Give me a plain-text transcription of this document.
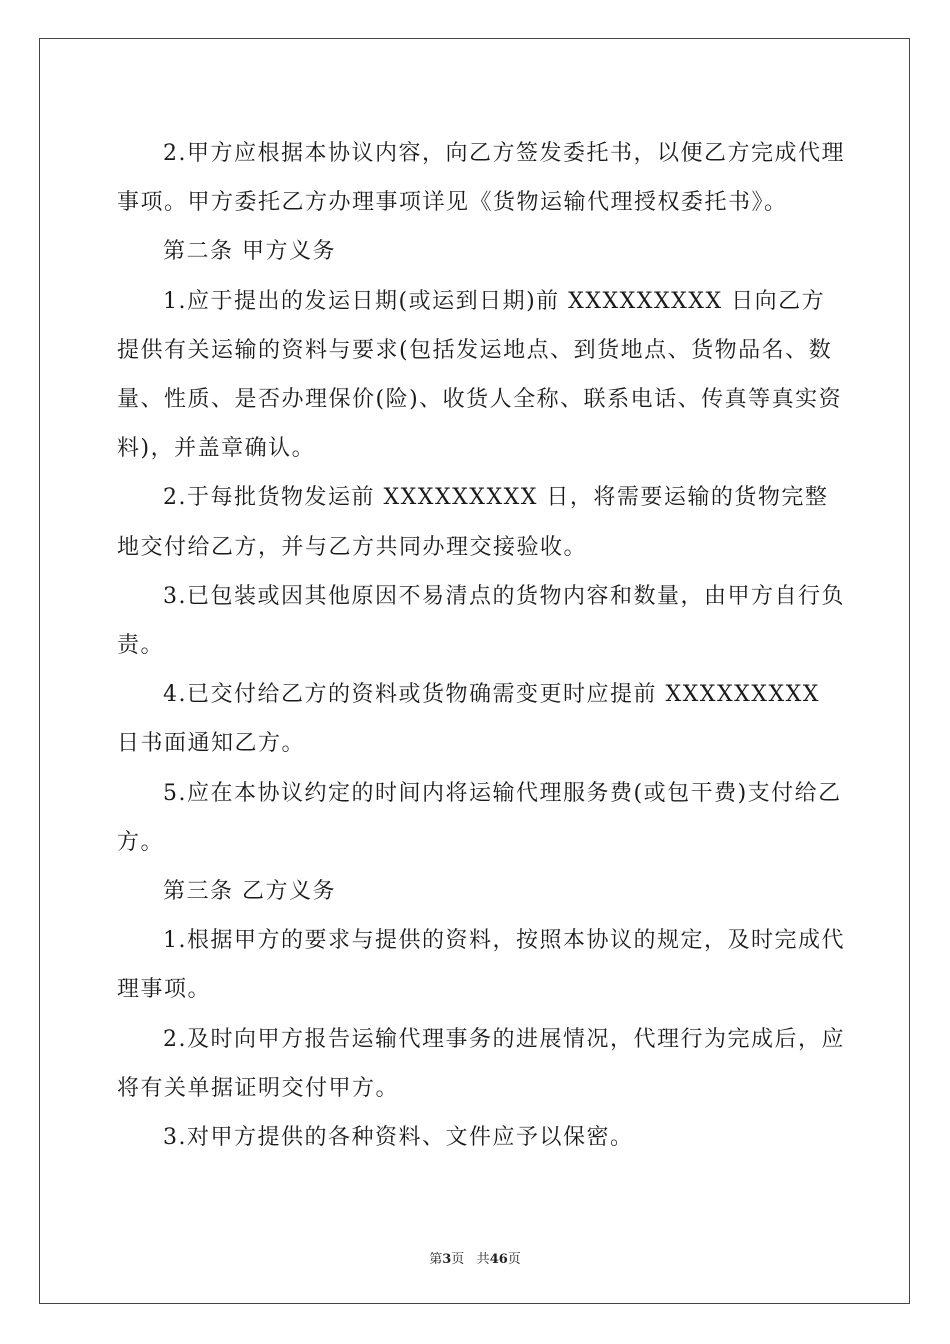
2.甲方应根据本协议内容，向乙方签发委托书，以便乙方完成代理事项。甲方委托乙方办理事项详见《货物运输代理授权委托书》。

第二条 甲方义务

1.应于提出的发运日期(或运到日期)前 XXXXXXXXX 日向乙方提供有关运输的资料与要求(包括发运地点、到货地点、货物品名、数量、性质、是否办理保价(险)、收货人全称、联系电话、传真等真实资料)，并盖章确认。

2.于每批货物发运前 XXXXXXXXX 日，将需要运输的货物完整地交付给乙方，并与乙方共同办理交接验收。

3.已包装或因其他原因不易清点的货物内容和数量，由甲方自行负责。

4.已交付给乙方的资料或货物确需变更时应提前 XXXXXXXXX 日书面通知乙方。

5.应在本协议约定的时间内将运输代理服务费(或包干费)支付给乙方。

第三条 乙方义务

1.根据甲方的要求与提供的资料，按照本协议的规定，及时完成代理事项。

2.及时向甲方报告运输代理事务的进展情况，代理行为完成后，应将有关单据证明交付甲方。

3.对甲方提供的各种资料、文件应予以保密。

第3页 共46页
